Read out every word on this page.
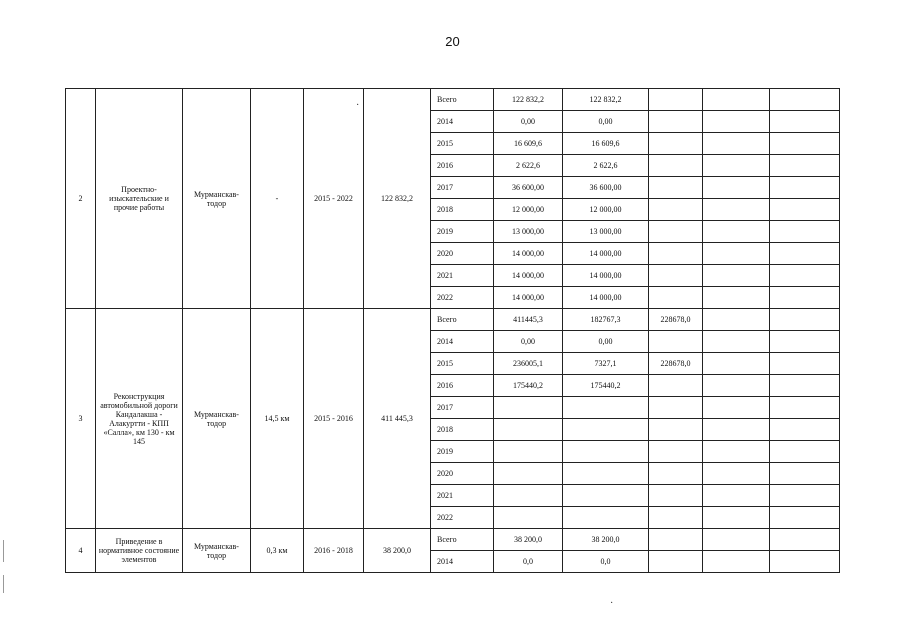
20
2	Проектно-изыскательские и прочие работы	Мурманскав-тодор	-	2015 - 2022	122 832,2	Всего	122 832,2	122 832,2			
						2014	0,00	0,00			
						2015	16 609,6	16 609,6			
						2016	2 622,6	2 622,6			
						2017	36 600,00	36 600,00			
						2018	12 000,00	12 000,00			
						2019	13 000,00	13 000,00			
						2020	14 000,00	14 000,00			
						2021	14 000,00	14 000,00			
						2022	14 000,00	14 000,00			
3	Реконструкция автомобильной дороги Кандалакша - Алакуртти - КПП «Салла», км 130 - км 145	Мурманскав-тодор	14,5 км	2015 - 2016	411 445,3	Всего	411445,3	182767,3	228678,0		
						2014	0,00	0,00			
						2015	236005,1	7327,1	228678,0		
						2016	175440,2	175440,2			
						2017					
						2018					
						2019					
						2020					
						2021					
						2022					
4	Приведение в нормативное состояние элементов	Мурманскав-тодор	0,3 км	2016 - 2018	38 200,0	Всего	38 200,0	38 200,0			
						2014	0,0	0,0			
·
·
